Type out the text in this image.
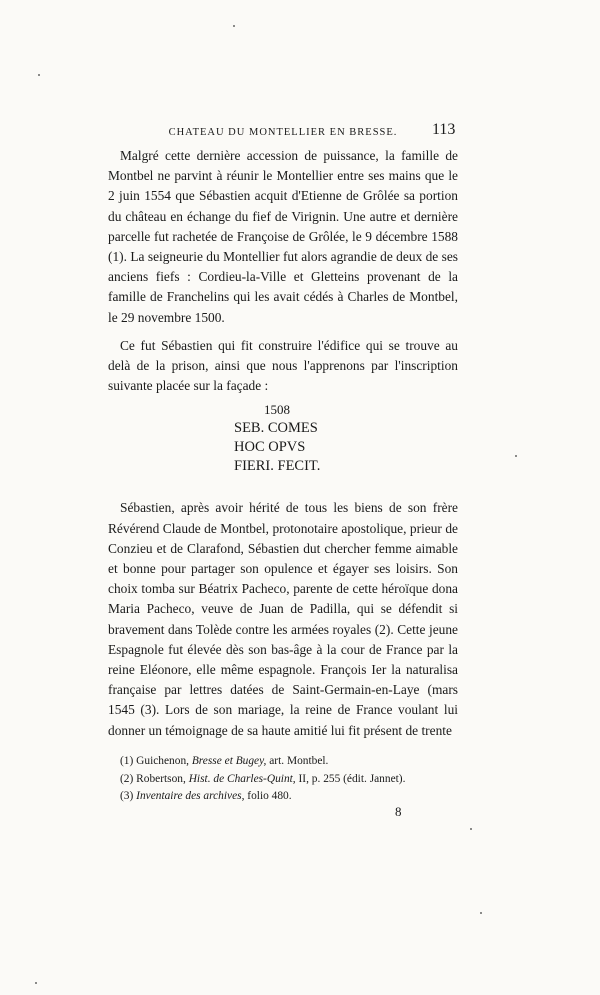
CHATEAU DU MONTELLIER EN BRESSE.	113

Malgré cette dernière accession de puissance, la famille de Montbel ne parvint à réunir le Montellier entre ses mains que le 2 juin 1554 que Sébastien acquit d'Etienne de Grôlée sa portion du château en échange du fief de Virignin. Une autre et dernière parcelle fut rachetée de Françoise de Grôlée, le 9 décembre 1588 (1). La seigneurie du Montellier fut alors agrandie de deux de ses anciens fiefs : Cordieu-la-Ville et Gletteins provenant de la famille de Franchelins qui les avait cédés à Charles de Montbel, le 29 novembre 1500.

Ce fut Sébastien qui fit construire l'édifice qui se trouve au delà de la prison, ainsi que nous l'apprenons par l'inscription suivante placée sur la façade :

1508
SEB. COMES
HOC OPVS
FIERI. FECIT.

Sébastien, après avoir hérité de tous les biens de son frère Révérend Claude de Montbel, protonotaire apostolique, prieur de Conzieu et de Clarafond, Sébastien dut chercher femme aimable et bonne pour partager son opulence et égayer ses loisirs. Son choix tomba sur Béatrix Pacheco, parente de cette héroïque dona Maria Pacheco, veuve de Juan de Padilla, qui se défendit si bravement dans Tolède contre les armées royales (2). Cette jeune Espagnole fut élevée dès son bas-âge à la cour de France par la reine Eléonore, elle même espagnole. François Ier la naturalisa française par lettres datées de Saint-Germain-en-Laye (mars 1545 (3). Lors de son mariage, la reine de France voulant lui donner un témoignage de sa haute amitié lui fit présent de trente

(1) Guichenon, Bresse et Bugey, art. Montbel.
(2) Robertson, Hist. de Charles-Quint, II, p. 255 (édit. Jannet).
(3) Inventaire des archives, folio 480.
8
